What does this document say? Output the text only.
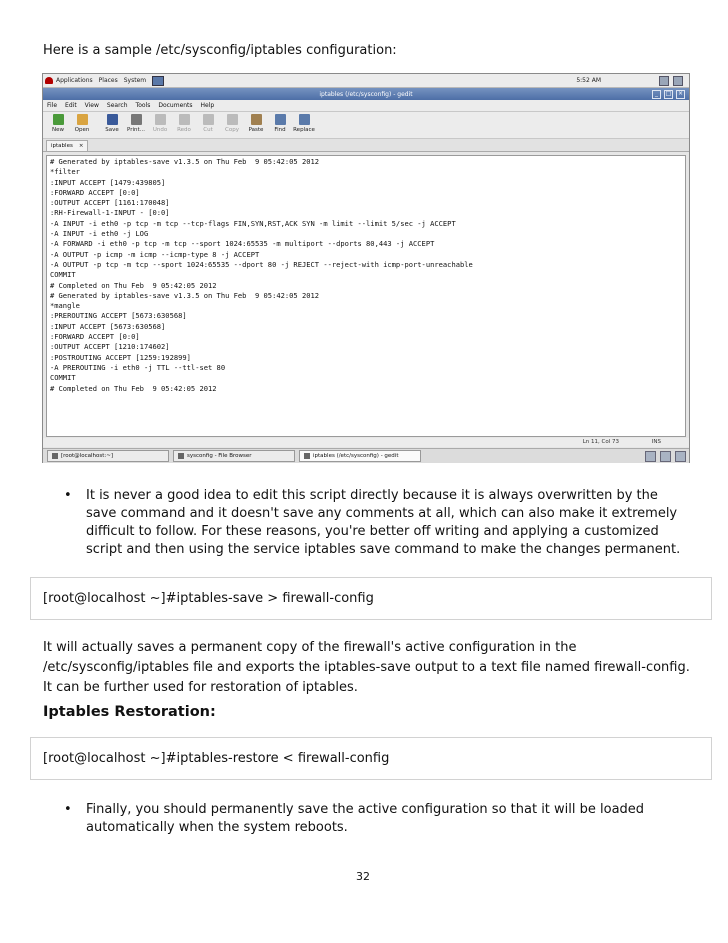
Here is a sample /etc/sysconfig/iptables configuration:
Applications Places System	5:52 AM
iptables (/etc/sysconfig) - gedit	_	□	×
File Edit View Search Tools Documents Help
New Open	Save Print... Undo Redo Cut Copy Paste Find Replace
iptables ×
# Generated by iptables-save v1.3.5 on Thu Feb  9 05:42:05 2012
*filter
:INPUT ACCEPT [1479:439805]
:FORWARD ACCEPT [0:0]
:OUTPUT ACCEPT [1161:170048]
:RH-Firewall-1-INPUT - [0:0]
-A INPUT -i eth0 -p tcp -m tcp --tcp-flags FIN,SYN,RST,ACK SYN -m limit --limit 5/sec -j ACCEPT
-A INPUT -i eth0 -j LOG
-A FORWARD -i eth0 -p tcp -m tcp --sport 1024:65535 -m multiport --dports 80,443 -j ACCEPT
-A OUTPUT -p icmp -m icmp --icmp-type 8 -j ACCEPT
-A OUTPUT -p tcp -m tcp --sport 1024:65535 --dport 80 -j REJECT --reject-with icmp-port-unreachable
COMMIT
# Completed on Thu Feb  9 05:42:05 2012
# Generated by iptables-save v1.3.5 on Thu Feb  9 05:42:05 2012
*mangle
:PREROUTING ACCEPT [5673:630568]
:INPUT ACCEPT [5673:630568]
:FORWARD ACCEPT [0:0]
:OUTPUT ACCEPT [1210:174602]
:POSTROUTING ACCEPT [1259:192899]
-A PREROUTING -i eth0 -j TTL --ttl-set 80
COMMIT
# Completed on Thu Feb  9 05:42:05 2012
Ln 11, Col 73	INS
[root@localhost:~]	sysconfig - File Browser	iptables (/etc/sysconfig) - gedit
• It is never a good idea to edit this script directly because it is always overwritten by the save command and it doesn't save any comments at all, which can also make it extremely difficult to follow. For these reasons, you're better off writing and applying a customized script and then using the service iptables save command to make the changes permanent.
[root@localhost ~]#iptables-save > firewall-config
It will actually saves a permanent copy of the firewall's active configuration in the /etc/sysconfig/iptables file and exports the iptables-save output to a text file named firewall-config. It can be further used for restoration of iptables.
Iptables Restoration:
[root@localhost ~]#iptables-restore < firewall-config
• Finally, you should permanently save the active configuration so that it will be loaded automatically when the system reboots.
32
